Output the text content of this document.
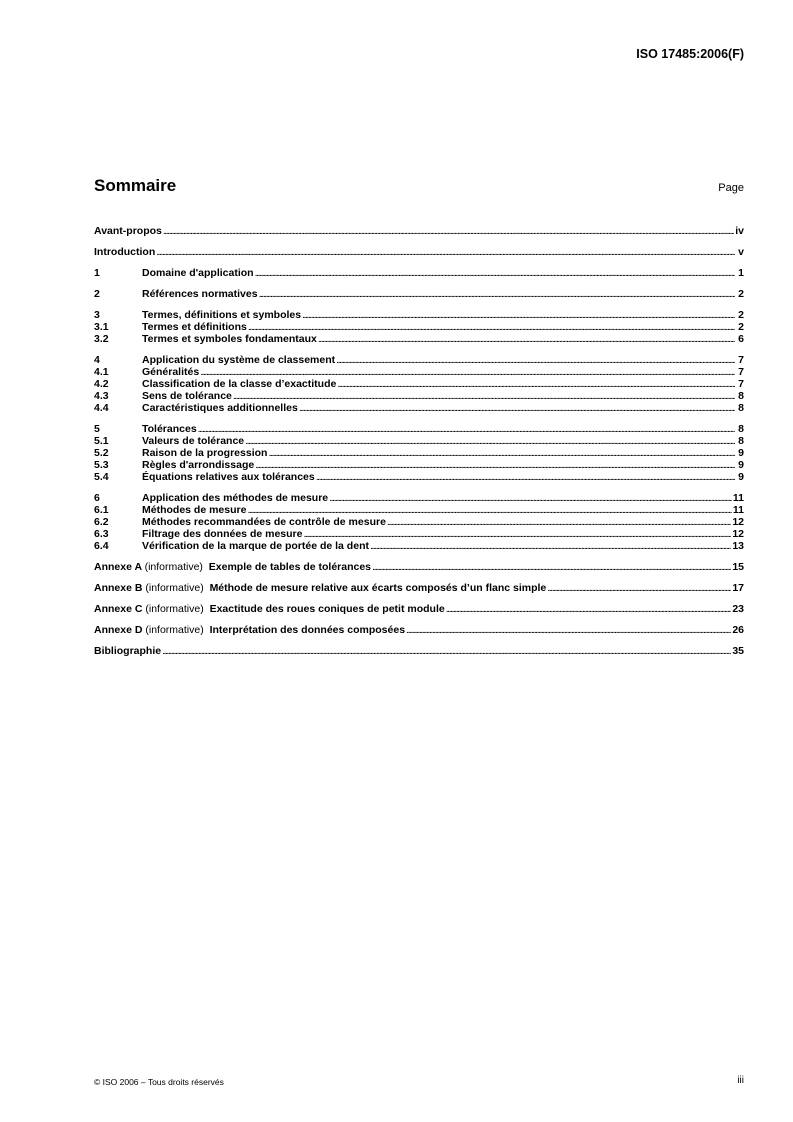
ISO 17485:2006(F)
Sommaire	Page
Avant-propos . . .	iv
Introduction . . .	v
1	Domaine d'application . . .	1
2	Références normatives . . .	2
3	Termes, définitions et symboles . . .	2
3.1	Termes et définitions . . .	2
3.2	Termes et symboles fondamentaux . . .	6
4	Application du système de classement . . .	7
4.1	Généralités . . .	7
4.2	Classification de la classe d’exactitude . . .	7
4.3	Sens de tolérance . . .	8
4.4	Caractéristiques additionnelles . . .	8
5	Tolérances . . .	8
5.1	Valeurs de tolérance . . .	8
5.2	Raison de la progression . . .	9
5.3	Règles d'arrondissage . . .	9
5.4	Équations relatives aux tolérances . . .	9
6	Application des méthodes de mesure . . .	11
6.1	Méthodes de mesure . . .	11
6.2	Méthodes recommandées de contrôle de mesure . . .	12
6.3	Filtrage des données de mesure . . .	12
6.4	Vérification de la marque de portée de la dent . . .	13
Annexe A (informative) Exemple de tables de tolérances . . .	15
Annexe B (informative) Méthode de mesure relative aux écarts composés d’un flanc simple . . .	17
Annexe C (informative) Exactitude des roues coniques de petit module . . .	23
Annexe D (informative) Interprétation des données composées . . .	26
Bibliographie . . .	35
© ISO 2006 – Tous droits réservés	iii
